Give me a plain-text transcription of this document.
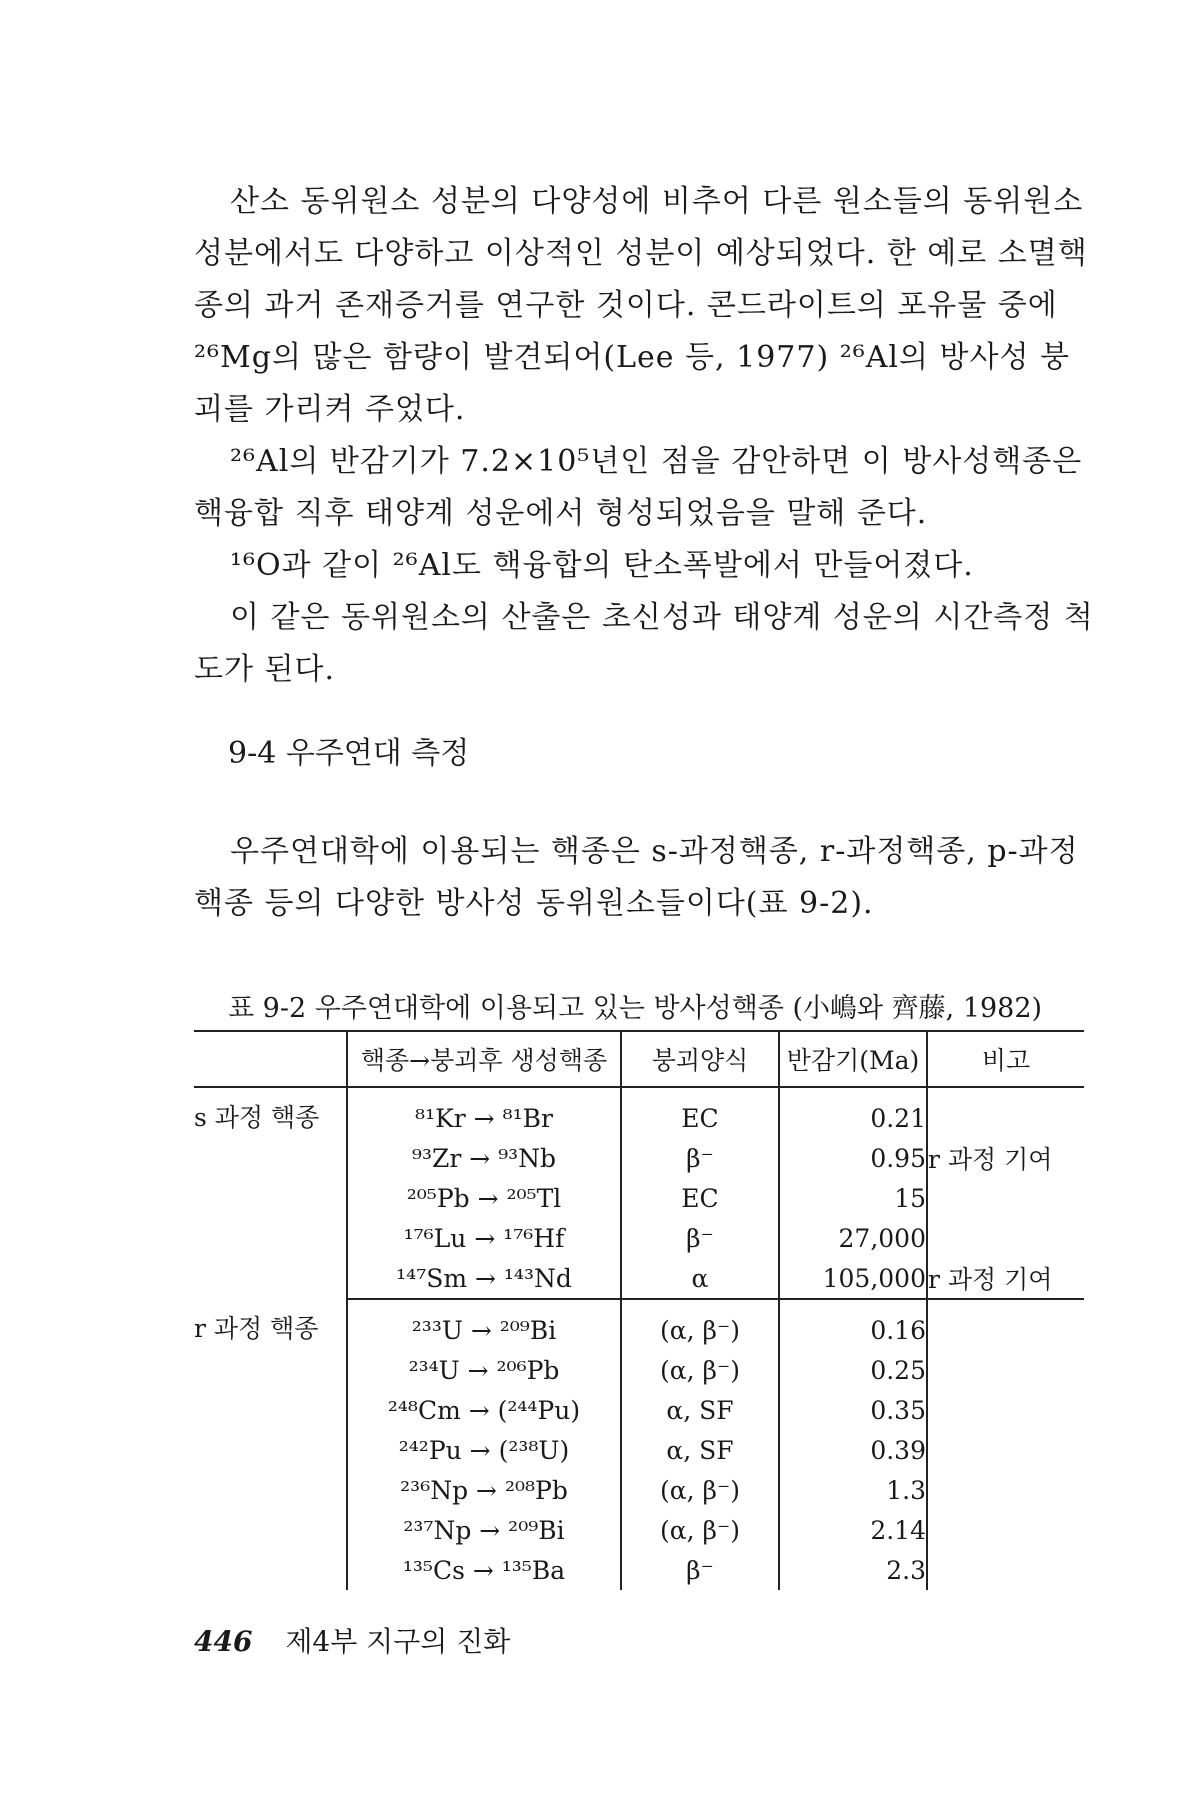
산소 동위원소 성분의 다양성에 비추어 다른 원소들의 동위원소 성분에서도 다양하고 이상적인 성분이 예상되었다. 한 예로 소멸핵종의 과거 존재증거를 연구한 것이다. 콘드라이트의 포유물 중에 ²⁶Mg의 많은 함량이 발견되어(Lee 등, 1977) ²⁶Al의 방사성 붕괴를 가리켜 주었다.

²⁶Al의 반감기가 7.2×10⁵년인 점을 감안하면 이 방사성핵종은 핵융합 직후 태양계 성운에서 형성되었음을 말해 준다.

¹⁶O과 같이 ²⁶Al도 핵융합의 탄소폭발에서 만들어졌다.

이 같은 동위원소의 산출은 초신성과 태양계 성운의 시간측정 척도가 된다.

9-4 우주연대 측정

우주연대학에 이용되는 핵종은 s-과정핵종, r-과정핵종, p-과정핵종 등의 다양한 방사성 동위원소들이다(표 9-2).

표 9-2 우주연대학에 이용되고 있는 방사성핵종 (小嶋와 齊藤, 1982)

	핵종→붕괴후 생성핵종	붕괴양식	반감기(Ma)	비고
s 과정 핵종	⁸¹Kr → ⁸¹Br	EC	0.21	
	⁹³Zr → ⁹³Nb	β⁻	0.95	r 과정 기여
	²⁰⁵Pb → ²⁰⁵Tl	EC	15	
	¹⁷⁶Lu → ¹⁷⁶Hf	β⁻	27,000	
	¹⁴⁷Sm → ¹⁴³Nd	α	105,000	r 과정 기여
r 과정 핵종	²³³U → ²⁰⁹Bi	(α, β⁻)	0.16	
	²³⁴U → ²⁰⁶Pb	(α, β⁻)	0.25	
	²⁴⁸Cm → (²⁴⁴Pu)	α, SF	0.35	
	²⁴²Pu → (²³⁸U)	α, SF	0.39	
	²³⁶Np → ²⁰⁸Pb	(α, β⁻)	1.3	
	²³⁷Np → ²⁰⁹Bi	(α, β⁻)	2.14	
	¹³⁵Cs → ¹³⁵Ba	β⁻	2.3	

446 제4부 지구의 진화
